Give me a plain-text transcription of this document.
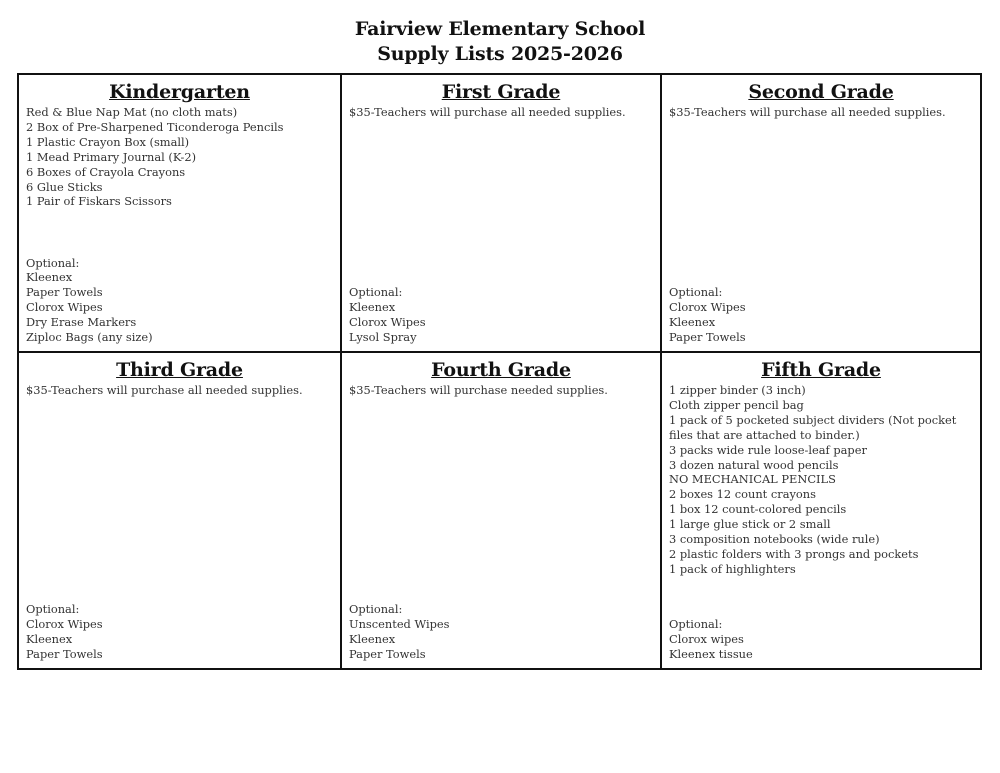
Fairview Elementary School
Supply Lists 2025-2026
Kindergarten
Red & Blue Nap Mat (no cloth mats)
2 Box of Pre-Sharpened Ticonderoga Pencils
1 Plastic Crayon Box (small)
1 Mead Primary Journal (K-2)
6 Boxes of Crayola Crayons
6 Glue Sticks
1 Pair of Fiskars Scissors
Optional:
Kleenex
Paper Towels
Clorox Wipes
Dry Erase Markers
Ziploc Bags (any size)
First Grade
$35-Teachers will purchase all needed supplies.
Optional:
Kleenex
Clorox Wipes
Lysol Spray
Second Grade
$35-Teachers will purchase all needed supplies.
Optional:
Clorox Wipes
Kleenex
Paper Towels
Third Grade
$35-Teachers will purchase all needed supplies.
Optional:
Clorox Wipes
Kleenex
Paper Towels
Fourth Grade
$35-Teachers will purchase needed supplies.
Optional:
Unscented Wipes
Kleenex
Paper Towels
Fifth Grade
1 zipper binder (3 inch)
Cloth zipper pencil bag
1 pack of 5 pocketed subject dividers (Not pocket files that are attached to binder.)
3 packs wide rule loose-leaf paper
3 dozen natural wood pencils
NO MECHANICAL PENCILS
2 boxes 12 count crayons
1 box 12 count-colored pencils
1 large glue stick or 2 small
3 composition notebooks (wide rule)
2 plastic folders with 3 prongs and pockets
1 pack of highlighters
Optional:
Clorox wipes
Kleenex tissue
